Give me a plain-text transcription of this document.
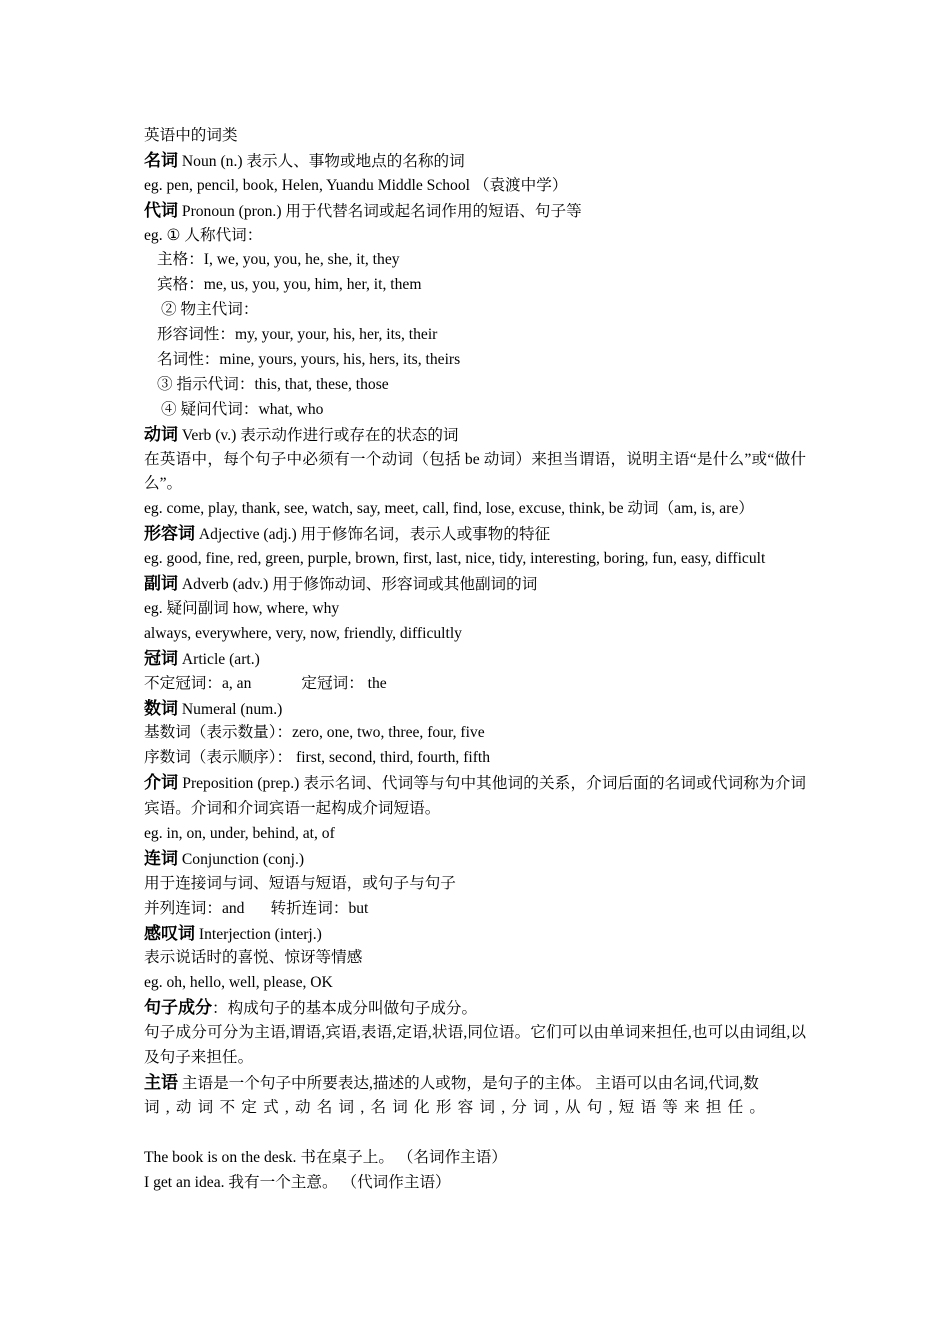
英语中的词类
名词 Noun (n.) 表示人、事物或地点的名称的词
eg. pen, pencil, book, Helen, Yuandu Middle School （袁渡中学）
代词 Pronoun (pron.) 用于代替名词或起名词作用的短语、句子等
eg. ① 人称代词：
主格：I, we, you, you, he, she, it, they
宾格：me, us, you, you, him, her, it, them
② 物主代词：
形容词性：my, your, your, his, her, its, their
名词性：mine, yours, yours, his, hers, its, theirs
③ 指示代词：this, that, these, those
④ 疑问代词：what, who
动词 Verb (v.) 表示动作进行或存在的状态的词
在英语中，每个句子中必须有一个动词（包括 be 动词）来担当谓语，说明主语“是什么”或“做什么”。
eg. come, play, thank, see, watch, say, meet, call, find, lose, excuse, think, be 动词（am, is, are）
形容词 Adjective (adj.) 用于修饰名词，表示人或事物的特征
eg. good, fine, red, green, purple, brown, first, last, nice, tidy, interesting, boring, fun, easy, difficult
副词 Adverb (adv.) 用于修饰动词、形容词或其他副词的词
eg. 疑问副词 how, where, why
always, everywhere, very, now, friendly, difficultly
冠词 Article (art.)
不定冠词：a, an	定冠词： the
数词 Numeral (num.)
基数词（表示数量）：zero, one, two, three, four, five
序数词（表示顺序）： first, second, third, fourth, fifth
介词 Preposition (prep.) 表示名词、代词等与句中其他词的关系，介词后面的名词或代词称为介词宾语。介词和介词宾语一起构成介词短语。
eg. in, on, under, behind, at, of
连词 Conjunction (conj.)
用于连接词与词、短语与短语，或句子与句子
并列连词：and 转折连词：but
感叹词 Interjection (interj.)
表示说话时的喜悦、惊讶等情感
eg. oh, hello, well, please, OK
句子成分：构成句子的基本成分叫做句子成分。
句子成分可分为主语,谓语,宾语,表语,定语,状语,同位语。它们可以由单词来担任,也可以由词组,以及句子来担任。
主语 主语是一个句子中所要表达,描述的人或物，是句子的主体。 主语可以由名词,代词,数
词,动词不定式,动名词,名词化形容词,分词,从句,短语等来担任。
The book is on the desk. 书在桌子上。 （名词作主语）
I get an idea. 我有一个主意。 （代词作主语）
